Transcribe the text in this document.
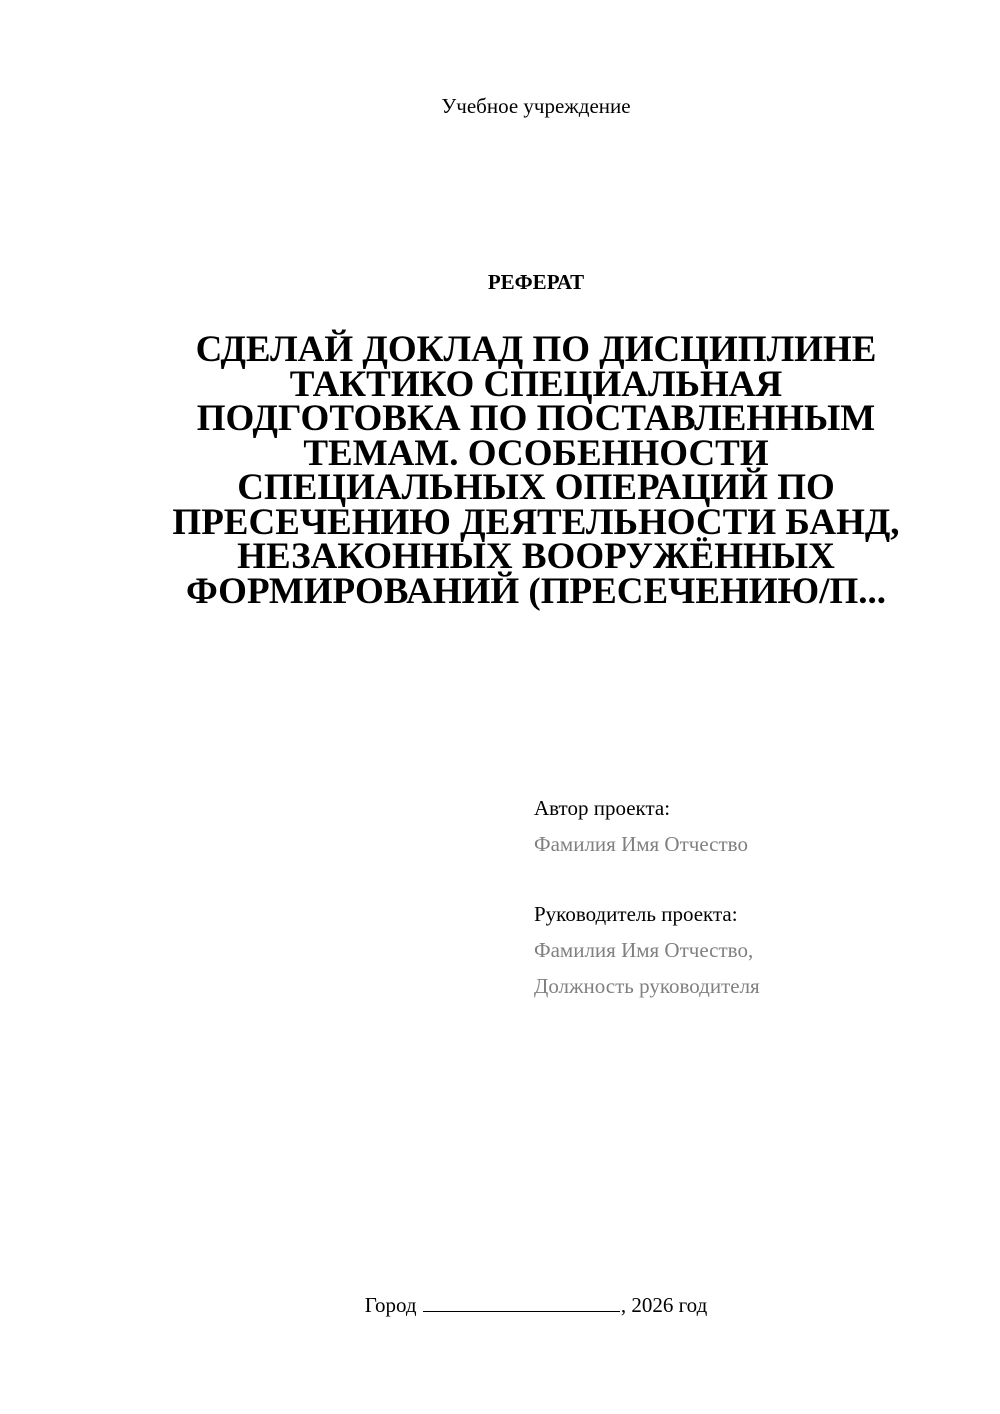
Учебное учреждение
РЕФЕРАТ
СДЕЛАЙ ДОКЛАД ПО ДИСЦИПЛИНЕ
ТАКТИКО СПЕЦИАЛЬНАЯ
ПОДГОТОВКА ПО ПОСТАВЛЕННЫМ
ТЕМАМ. ОСОБЕННОСТИ
СПЕЦИАЛЬНЫХ ОПЕРАЦИЙ ПО
ПРЕСЕЧЕНИЮ ДЕЯТЕЛЬНОСТИ БАНД,
НЕЗАКОННЫХ ВООРУЖЁННЫХ
ФОРМИРОВАНИЙ (ПРЕСЕЧЕНИЮ/П...
Автор проекта:
Фамилия Имя Отчество
Руководитель проекта:
Фамилия Имя Отчество,
Должность руководителя
Город	, 2026 год
